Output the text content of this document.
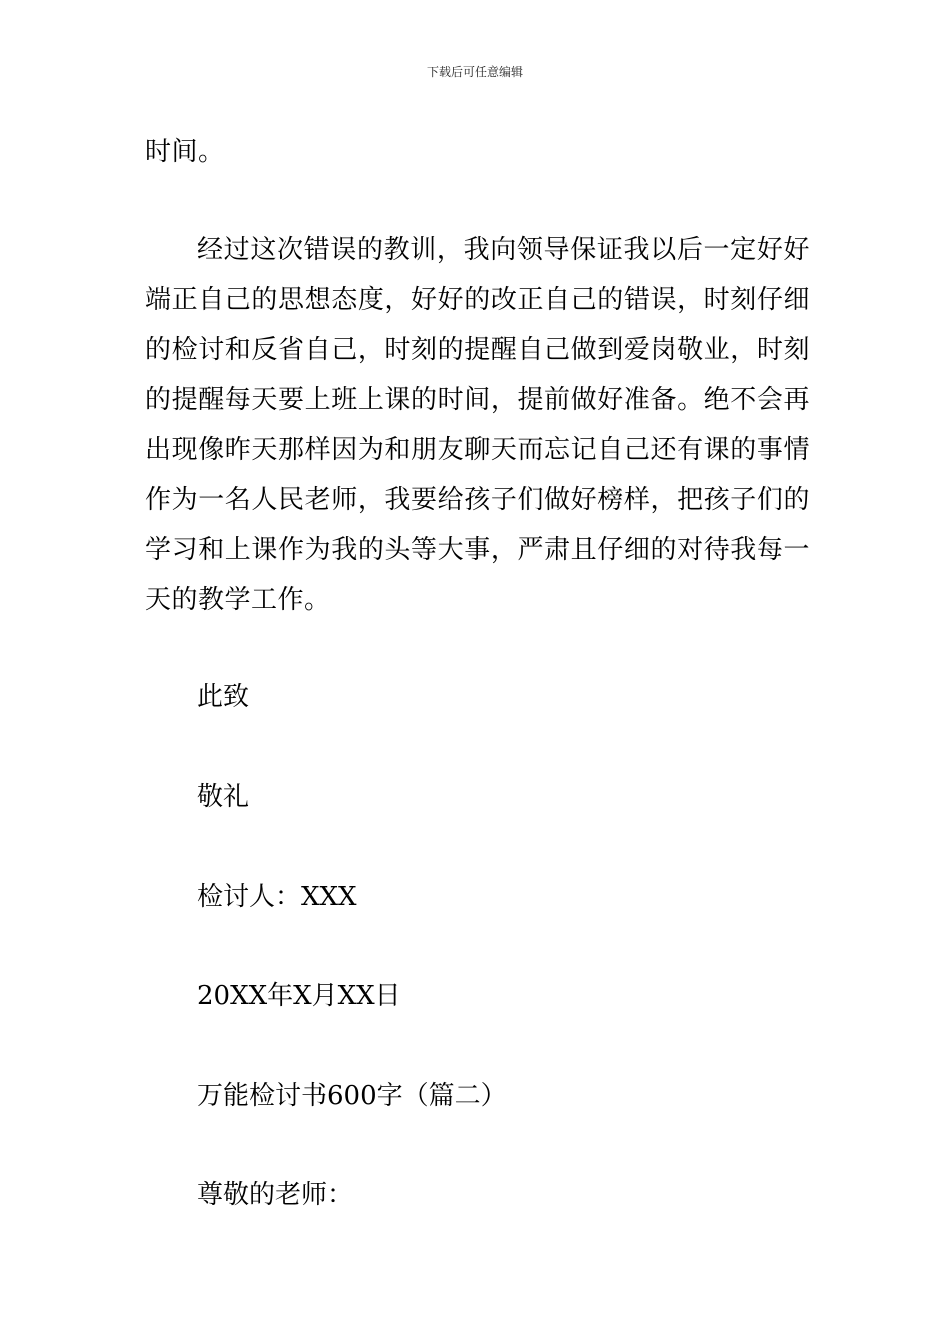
下载后可任意编辑

时间。

经过这次错误的教训，我向领导保证我以后一定好好端正自己的思想态度，好好的改正自己的错误，时刻仔细的检讨和反省自己，时刻的提醒自己做到爱岗敬业，时刻的提醒每天要上班上课的时间，提前做好准备。绝不会再出现像昨天那样因为和朋友聊天而忘记自己还有课的事情作为一名人民老师，我要给孩子们做好榜样，把孩子们的学习和上课作为我的头等大事，严肃且仔细的对待我每一天的教学工作。

此致

敬礼

检讨人：XXX

20XX年X月XX日

万能检讨书600字（篇二）

尊敬的老师：
